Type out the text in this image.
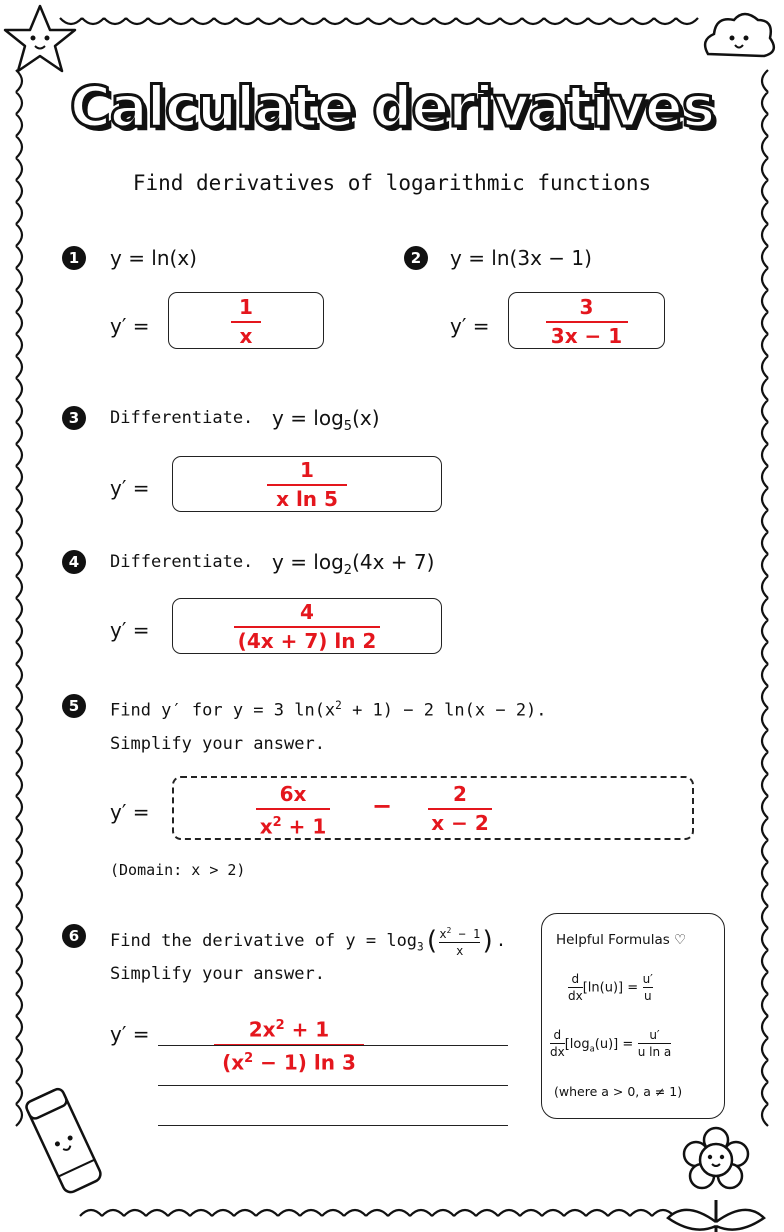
Calculate derivatives
Find derivatives of logarithmic functions
1	y = ln(x)
y′ =
1
x
2	y = ln(3x − 1)
y′ =
3
3x − 1
3	Differentiate. $y = \log_5(x)$
y′ =
1
x ln 5
4	Differentiate. $y = \log_2(4x + 7)$
y′ =
4
(4x + 7) ln 2
5	Find y′ for y = 3 $\ln(x^2 + 1) - 2$ ln(x − 2).
Simplify your answer.
y′ =
6x
$x^2 + 1$
−	2
x − 2
(Domain: x > 2)
6	Find the derivative of $y = \log_3( \frac{x^2 - 1}{x}$ ).
Simplify your answer.
y′ =	$2x^2 + 1$
$(x^2 - 1)$ ln 3
Helpful Formulas ♡
$\frac{d}{dx} [\ln(u)] = \frac{u'}{u}$
$\frac{d}{dx} [\log_a(u)] = \frac{u'}{\text{u ln a}}$
(where a > 0, a ≠ 1)
